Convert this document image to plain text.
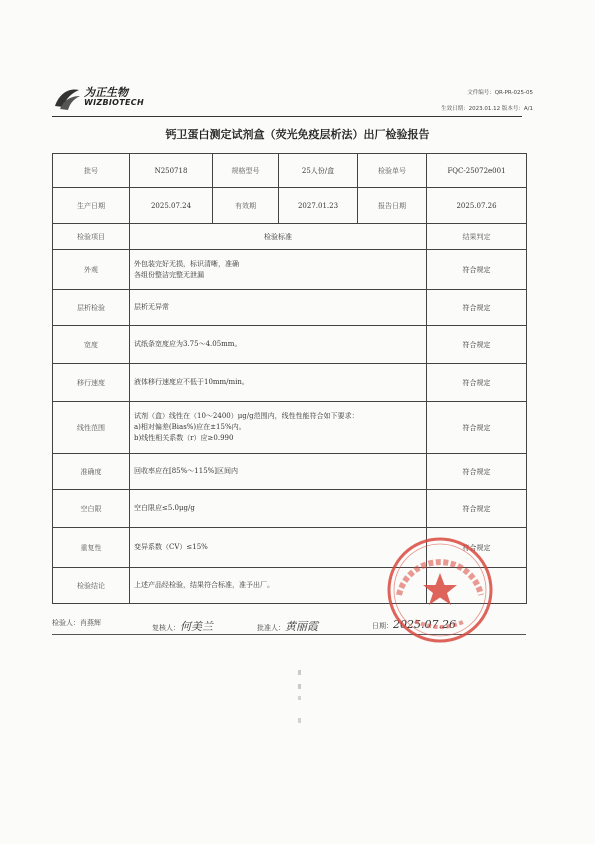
为正生物
WIZBIOTECH
文件编号：QR-PR-025-05
生效日期：2023.01.12 版本号：A/1
钙卫蛋白测定试剂盒（荧光免疫层析法）出厂检验报告
批号	N250718	规格型号	25人份/盒	检验单号	FQC-25072e001
生产日期	2025.07.24	有效期	2027.01.23	报告日期	2025.07.26
检验项目	检验标准				结果判定
外观	外包装完好无损，标识清晰，准确
各组份整洁完整无泄漏				符合规定
层析检验	层析无异常				符合规定
宽度	试纸条宽度应为3.75～4.05mm。				符合规定
移行速度	液体移行速度应不低于10mm/min。				符合规定
线性范围	试剂（盒）线性在（10～2400）μg/g范围内，线性性能符合如下要求：
a)相对偏差(Bias%)应在±15%内。
b)线性相关系数（r）应≥0.990				符合规定
准确度	回收率应在[85%～115%]区间内				符合规定
空白限	空白限应≤5.0μg/g				符合规定
重复性	变异系数（CV）≤15%				符合规定
检验结论	上述产品经检验，结果符合标准，准予出厂。				

检验人：肖燕辉
复核人：何美兰	批准人：黄丽霞	日期：2025.07.26
